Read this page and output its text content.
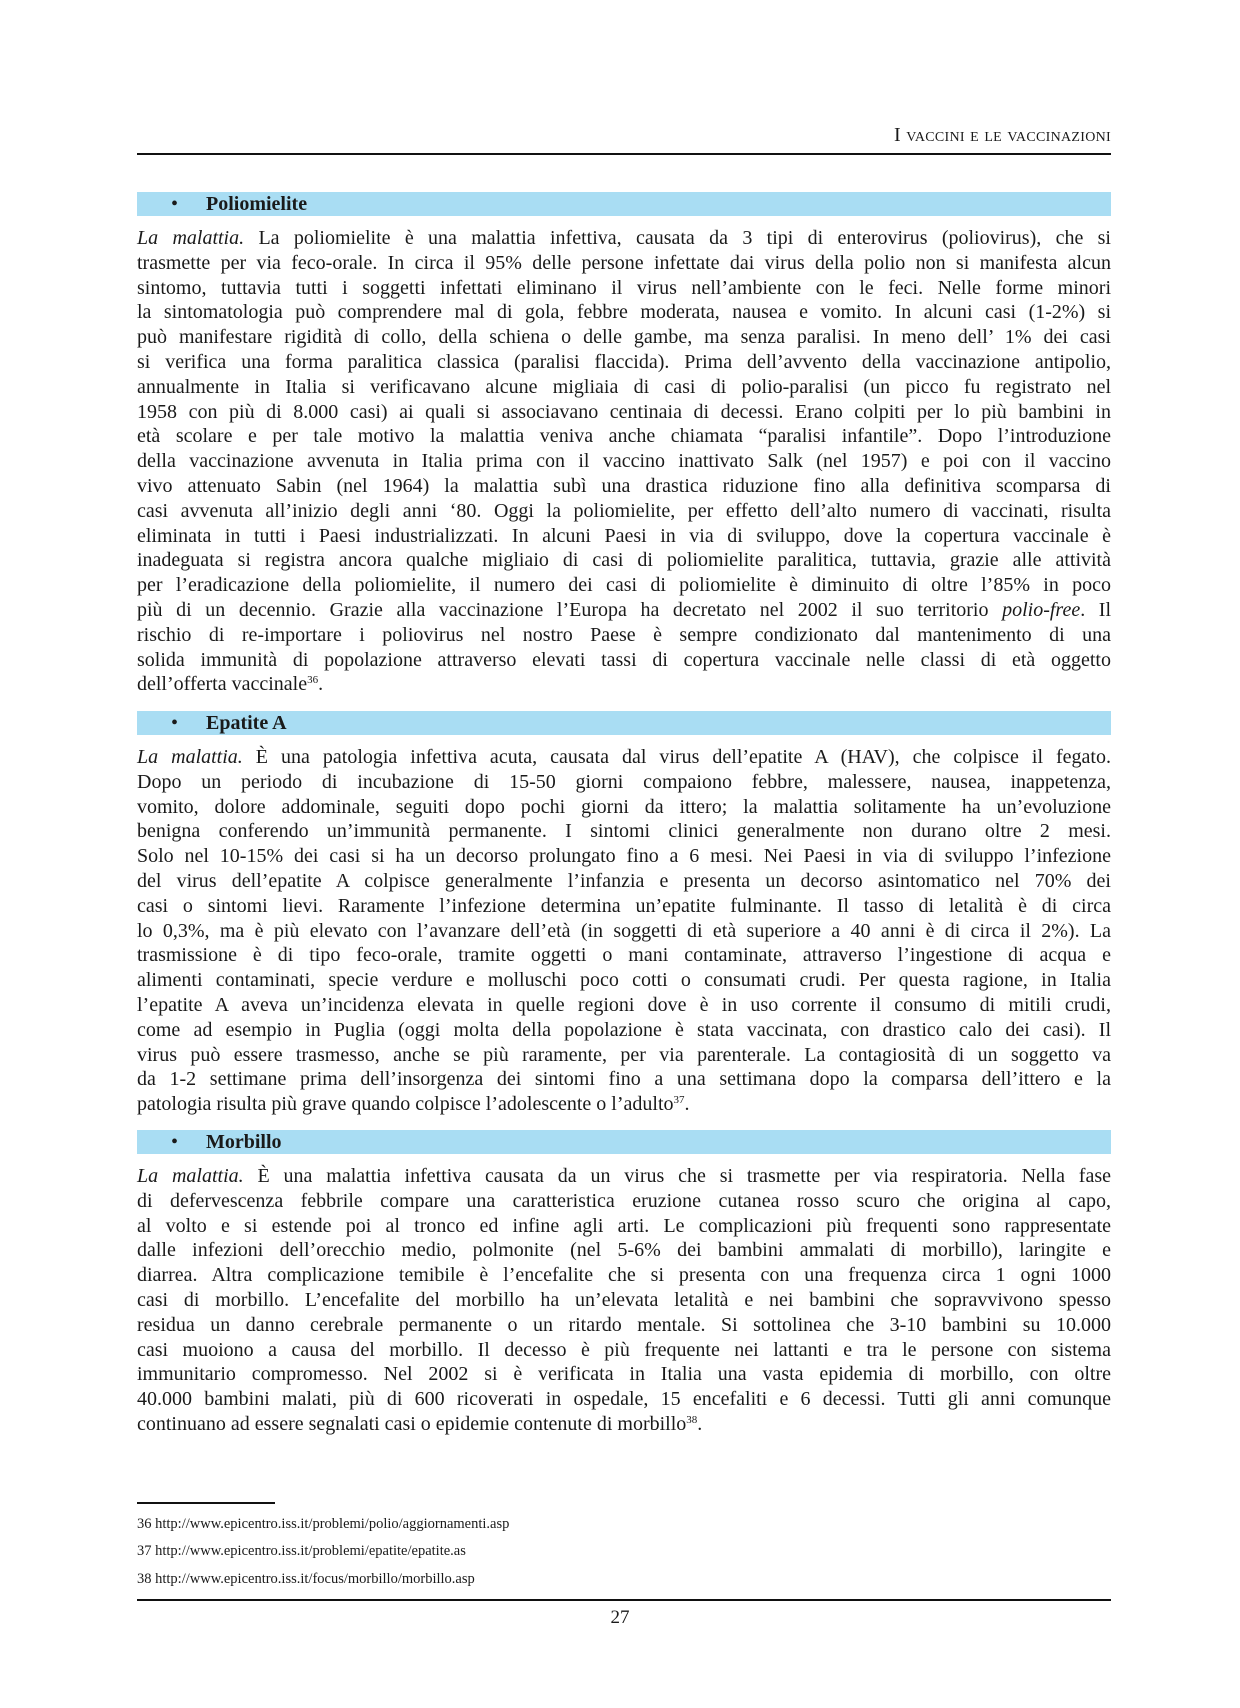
I vaccini e le vaccinazioni
• Poliomielite
La malattia. La poliomielite è una malattia infettiva, causata da 3 tipi di enterovirus (poliovirus), che si
trasmette per via feco-orale. In circa il 95% delle persone infettate dai virus della polio non si manifesta alcun
sintomo, tuttavia tutti i soggetti infettati eliminano il virus nell’ambiente con le feci. Nelle forme minori
la sintomatologia può comprendere mal di gola, febbre moderata, nausea e vomito. In alcuni casi (1-2%) si
può manifestare rigidità di collo, della schiena o delle gambe, ma senza paralisi. In meno dell’ 1% dei casi
si verifica una forma paralitica classica (paralisi flaccida). Prima dell’avvento della vaccinazione antipolio,
annualmente in Italia si verificavano alcune migliaia di casi di polio-paralisi (un picco fu registrato nel
1958 con più di 8.000 casi) ai quali si associavano centinaia di decessi. Erano colpiti per lo più bambini in
età scolare e per tale motivo la malattia veniva anche chiamata “paralisi infantile”. Dopo l’introduzione
della vaccinazione avvenuta in Italia prima con il vaccino inattivato Salk (nel 1957) e poi con il vaccino
vivo attenuato Sabin (nel 1964) la malattia subì una drastica riduzione fino alla definitiva scomparsa di
casi avvenuta all’inizio degli anni ‘80. Oggi la poliomielite, per effetto dell’alto numero di vaccinati, risulta
eliminata in tutti i Paesi industrializzati. In alcuni Paesi in via di sviluppo, dove la copertura vaccinale è
inadeguata si registra ancora qualche migliaio di casi di poliomielite paralitica, tuttavia, grazie alle attività
per l’eradicazione della poliomielite, il numero dei casi di poliomielite è diminuito di oltre l’85% in poco
più di un decennio. Grazie alla vaccinazione l’Europa ha decretato nel 2002 il suo territorio polio-free. Il
rischio di re-importare i poliovirus nel nostro Paese è sempre condizionato dal mantenimento di una
solida immunità di popolazione attraverso elevati tassi di copertura vaccinale nelle classi di età oggetto
dell’offerta vaccinale$^{36}$.
• Epatite A
La malattia. È una patologia infettiva acuta, causata dal virus dell’epatite A (HAV), che colpisce il fegato.
Dopo un periodo di incubazione di 15-50 giorni compaiono febbre, malessere, nausea, inappetenza,
vomito, dolore addominale, seguiti dopo pochi giorni da ittero; la malattia solitamente ha un’evoluzione
benigna conferendo un’immunità permanente. I sintomi clinici generalmente non durano oltre 2 mesi.
Solo nel 10-15% dei casi si ha un decorso prolungato fino a 6 mesi. Nei Paesi in via di sviluppo l’infezione
del virus dell’epatite A colpisce generalmente l’infanzia e presenta un decorso asintomatico nel 70% dei
casi o sintomi lievi. Raramente l’infezione determina un’epatite fulminante. Il tasso di letalità è di circa
lo 0,3%, ma è più elevato con l’avanzare dell’età (in soggetti di età superiore a 40 anni è di circa il 2%). La
trasmissione è di tipo feco-orale, tramite oggetti o mani contaminate, attraverso l’ingestione di acqua e
alimenti contaminati, specie verdure e molluschi poco cotti o consumati crudi. Per questa ragione, in Italia
l’epatite A aveva un’incidenza elevata in quelle regioni dove è in uso corrente il consumo di mitili crudi,
come ad esempio in Puglia (oggi molta della popolazione è stata vaccinata, con drastico calo dei casi). Il
virus può essere trasmesso, anche se più raramente, per via parenterale. La contagiosità di un soggetto va
da 1-2 settimane prima dell’insorgenza dei sintomi fino a una settimana dopo la comparsa dell’ittero e la
patologia risulta più grave quando colpisce l’adolescente o l’adulto$^{37}$.
• Morbillo
La malattia. È una malattia infettiva causata da un virus che si trasmette per via respiratoria. Nella fase
di defervescenza febbrile compare una caratteristica eruzione cutanea rosso scuro che origina al capo,
al volto e si estende poi al tronco ed infine agli arti. Le complicazioni più frequenti sono rappresentate
dalle infezioni dell’orecchio medio, polmonite (nel 5-6% dei bambini ammalati di morbillo), laringite e
diarrea. Altra complicazione temibile è l’encefalite che si presenta con una frequenza circa 1 ogni 1000
casi di morbillo. L’encefalite del morbillo ha un’elevata letalità e nei bambini che sopravvivono spesso
residua un danno cerebrale permanente o un ritardo mentale. Si sottolinea che 3-10 bambini su 10.000
casi muoiono a causa del morbillo. Il decesso è più frequente nei lattanti e tra le persone con sistema
immunitario compromesso. Nel 2002 si è verificata in Italia una vasta epidemia di morbillo, con oltre
40.000 bambini malati, più di 600 ricoverati in ospedale, 15 encefaliti e 6 decessi. Tutti gli anni comunque
continuano ad essere segnalati casi o epidemie contenute di morbillo$^{38}$.
36 http://www.epicentro.iss.it/problemi/polio/aggiornamenti.asp
37 http://www.epicentro.iss.it/problemi/epatite/epatite.as
38 http://www.epicentro.iss.it/focus/morbillo/morbillo.asp
27
